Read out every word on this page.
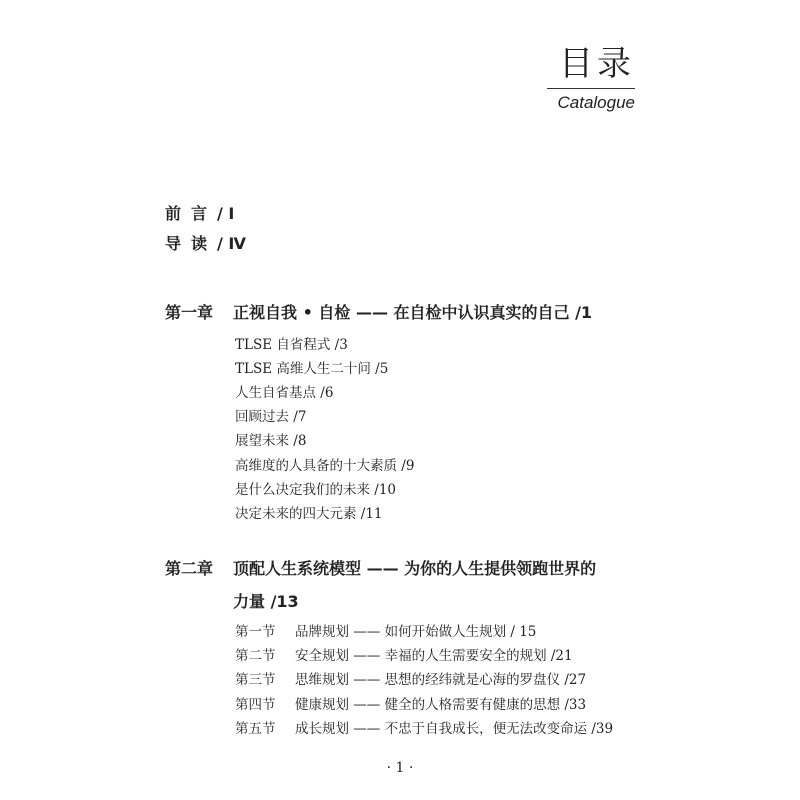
目录
Catalogue
前言/ Ⅰ
导读/ Ⅳ
第一章 正视自我 • 自检 —— 在自检中认识真实的自己 /1
TLSE 自省程式 /3
TLSE 高维人生二十问 /5
人生自省基点 /6
回顾过去 /7
展望未来 /8
高维度的人具备的十大素质 /9
是什么决定我们的未来 /10
决定未来的四大元素 /11
第二章 顶配人生系统模型 —— 为你的人生提供领跑世界的
力量 /13
第一节 品牌规划 —— 如何开始做人生规划 / 15
第二节 安全规划 —— 幸福的人生需要安全的规划 /21
第三节 思维规划 —— 思想的经纬就是心海的罗盘仪 /27
第四节 健康规划 —— 健全的人格需要有健康的思想 /33
第五节 成长规划 —— 不忠于自我成长，便无法改变命运 /39
· 1 ·
